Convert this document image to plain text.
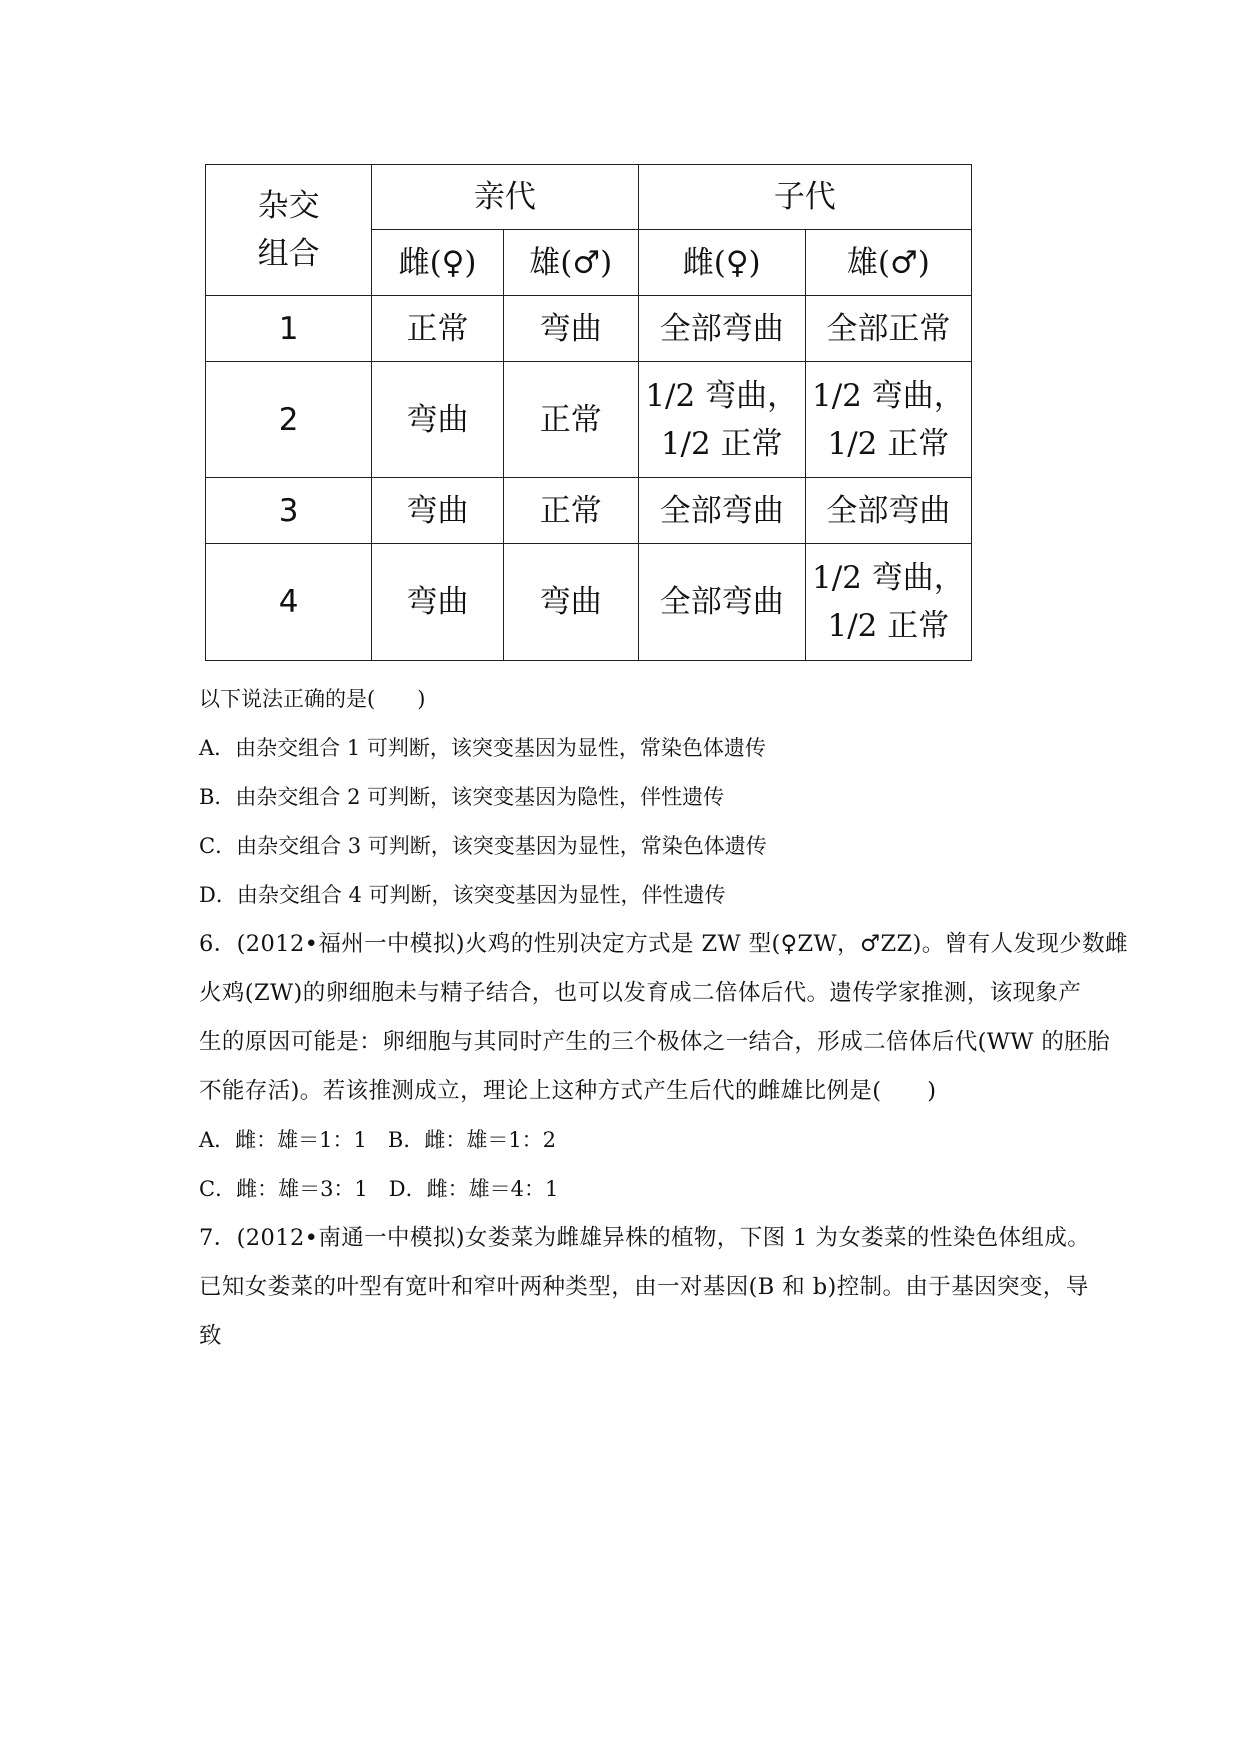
杂交
组合	亲代		子代	
	雌(♀)	雄(♂)	雌(♀)	雄(♂)
1	正常	弯曲	全部弯曲	全部正常

2	弯曲	正常	1/2 弯曲，
1/2 正常	1/2 弯曲，
1/2 正常

3	弯曲	正常	全部弯曲	全部弯曲

4	弯曲	弯曲	全部弯曲	1/2 弯曲，
1/2 正常
以下说法正确的是(　　)
A．由杂交组合 1 可判断，该突变基因为显性，常染色体遗传
B．由杂交组合 2 可判断，该突变基因为隐性，伴性遗传
C．由杂交组合 3 可判断，该突变基因为显性，常染色体遗传
D．由杂交组合 4 可判断，该突变基因为显性，伴性遗传
6．(2012•福州一中模拟)火鸡的性别决定方式是 ZW 型(♀ZW，♂ZZ)。曾有人发现少数雌
火鸡(ZW)的卵细胞未与精子结合，也可以发育成二倍体后代。遗传学家推测，该现象产
生的原因可能是：卵细胞与其同时产生的三个极体之一结合，形成二倍体后代(WW 的胚胎
不能存活)。若该推测成立，理论上这种方式产生后代的雌雄比例是(　　)
A．雌：雄＝1：1　B．雌：雄＝1：2
C．雌：雄＝3：1　D．雌：雄＝4：1
7．(2012•南通一中模拟)女娄菜为雌雄异株的植物，下图 1 为女娄菜的性染色体组成。
已知女娄菜的叶型有宽叶和窄叶两种类型，由一对基因(B 和 b)控制。由于基因突变，导
致
